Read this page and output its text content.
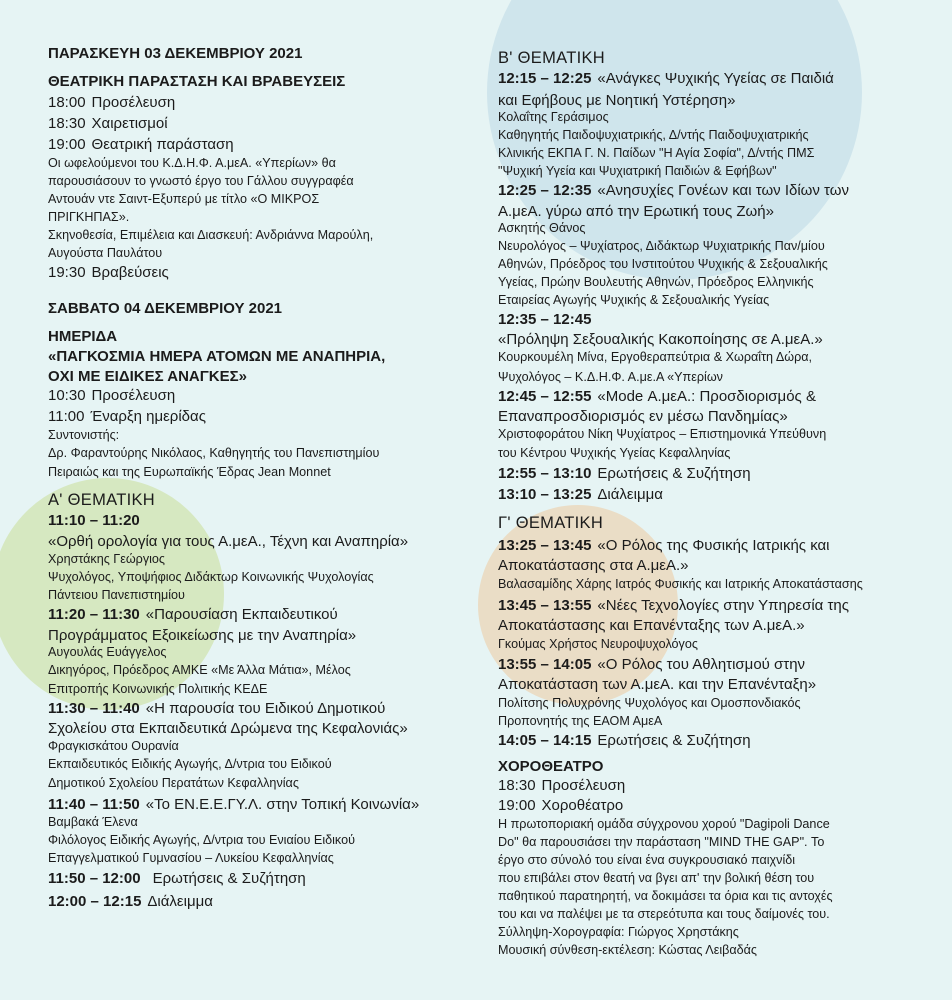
ΠΑΡΑΣΚΕΥΗ 03 ΔΕΚΕΜΒΡΙΟΥ 2021
ΘΕΑΤΡΙΚΗ ΠΑΡΑΣΤΑΣΗ ΚΑΙ ΒΡΑΒΕΥΣΕΙΣ
18:00 Προσέλευση
18:30 Χαιρετισμοί
19:00 Θεατρική παράσταση
Οι ωφελούμενοι του Κ.Δ.Η.Φ. Α.μεΑ. «Υπερίων» θα
παρουσιάσουν το γνωστό έργο του Γάλλου συγγραφέα
Αντουάν ντε Σαιντ-Εξυπερύ με τίτλο «Ο ΜΙΚΡΟΣ
ΠΡΙΓΚΗΠΑΣ».
Σκηνοθεσία, Επιμέλεια και Διασκευή: Ανδριάννα Μαρούλη,
Αυγούστα Παυλάτου
19:30 Βραβεύσεις
ΣΑΒΒΑΤΟ 04 ΔΕΚΕΜΒΡΙΟΥ 2021
ΗΜΕΡΙΔΑ
«ΠΑΓΚΟΣΜΙΑ ΗΜΕΡΑ ΑΤΟΜΩΝ ΜΕ ΑΝΑΠΗΡΙΑ,
ΟΧΙ ΜΕ ΕΙΔΙΚΕΣ ΑΝΑΓΚΕΣ»
10:30 Προσέλευση
11:00 Έναρξη ημερίδας
Συντονιστής:
Δρ. Φαραντούρης Νικόλαος, Καθηγητής του Πανεπιστημίου
Πειραιώς και της Ευρωπαϊκής Έδρας Jean Monnet
Α' ΘΕΜΑΤΙΚΗ
11:10 – 11:20
«Ορθή ορολογία για τους Α.μεΑ., Τέχνη και Αναπηρία»
Χρηστάκης Γεώργιος
Ψυχολόγος, Υποψήφιος Διδάκτωρ Κοινωνικής Ψυχολογίας
Πάντειου Πανεπιστημίου
11:20 – 11:30 «Παρουσίαση Εκπαιδευτικού
Προγράμματος Εξοικείωσης με την Αναπηρία»
Αυγουλάς Ευάγγελος
Δικηγόρος, Πρόεδρος ΑΜΚΕ «Με Άλλα Μάτια», Μέλος
Επιτροπής Κοινωνικής Πολιτικής ΚΕΔΕ
11:30 – 11:40 «Η παρουσία του Ειδικού Δημοτικού
Σχολείου στα Εκπαιδευτικά Δρώμενα της Κεφαλονιάς»
Φραγκισκάτου Ουρανία
Εκπαιδευτικός Ειδικής Αγωγής, Δ/ντρια του Ειδικού
Δημοτικού Σχολείου Περατάτων Κεφαλληνίας
11:40 – 11:50 «Το ΕΝ.Ε.Ε.ΓΥ.Λ. στην Τοπική Κοινωνία»
Βαμβακά Έλενα
Φιλόλογος Ειδικής Αγωγής, Δ/ντρια του Ενιαίου Ειδικού
Επαγγελματικού Γυμνασίου – Λυκείου Κεφαλληνίας
11:50 – 12:00 Ερωτήσεις & Συζήτηση
12:00 – 12:15 Διάλειμμα
Β' ΘΕΜΑΤΙΚΗ
12:15 – 12:25 «Ανάγκες Ψυχικής Υγείας σε Παιδιά
και Εφήβους με Νοητική Υστέρηση»
Κολαΐτης Γεράσιμος
Καθηγητής Παιδοψυχιατρικής, Δ/ντής Παιδοψυχιατρικής
Κλινικής ΕΚΠΑ Γ. Ν. Παίδων "Η Αγία Σοφία", Δ/ντής ΠΜΣ
"Ψυχική Υγεία και Ψυχιατρική Παιδιών & Εφήβων"
12:25 – 12:35 «Ανησυχίες Γονέων και των Ιδίων των
Α.μεΑ. γύρω από την Ερωτική τους Ζωή»
Ασκητής Θάνος
Νευρολόγος – Ψυχίατρος, Διδάκτωρ Ψυχιατρικής Παν/μίου
Αθηνών, Πρόεδρος του Ινστιτούτου Ψυχικής & Σεξουαλικής
Υγείας, Πρώην Βουλευτής Αθηνών, Πρόεδρος Ελληνικής
Εταιρείας Αγωγής Ψυχικής & Σεξουαλικής Υγείας
12:35 – 12:45
«Πρόληψη Σεξουαλικής Κακοποίησης σε Α.μεΑ.»
Κουρκουμέλη Μίνα, Εργοθεραπεύτρια & Χωραΐτη Δώρα,
Ψυχολόγος – Κ.Δ.Η.Φ. Α.με.Α «Υπερίων
12:45 – 12:55 «Mode Α.μεΑ.: Προσδιορισμός &
Επαναπροσδιορισμός εν μέσω Πανδημίας»
Χριστοφοράτου Νίκη Ψυχίατρος – Επιστημονικά Υπεύθυνη
του Κέντρου Ψυχικής Υγείας Κεφαλληνίας
12:55 – 13:10 Ερωτήσεις & Συζήτηση
13:10 – 13:25 Διάλειμμα
Γ' ΘΕΜΑΤΙΚΗ
13:25 – 13:45 «Ο Ρόλος της Φυσικής Ιατρικής και
Αποκατάστασης στα Α.μεΑ.»
Βαλασαμίδης Χάρης Ιατρός Φυσικής και Ιατρικής Αποκατάστασης
13:45 – 13:55 «Νέες Τεχνολογίες στην Υπηρεσία της
Αποκατάστασης και Επανένταξης των Α.μεΑ.»
Γκούμας Χρήστος Νευροψυχολόγος
13:55 – 14:05 «Ο Ρόλος του Αθλητισμού στην
Αποκατάσταση των Α.μεΑ. και την Επανένταξη»
Πολίτσης Πολυχρόνης Ψυχολόγος και Ομοσπονδιακός
Προπονητής της ΕΑΟΜ ΑμεΑ
14:05 – 14:15 Ερωτήσεις & Συζήτηση
ΧΟΡΟΘΕΑΤΡΟ
18:30 Προσέλευση
19:00 Χοροθέατρο
Η πρωτοποριακή ομάδα σύγχρονου χορού "Dagipoli Dance
Do" θα παρουσιάσει την παράσταση "MIND THE GAP". Το
έργο στο σύνολό του είναι ένα συγκρουσιακό παιχνίδι
που επιβάλει στον θεατή να βγει απ' την βολική θέση του
παθητικού παρατηρητή, να δοκιμάσει τα όρια και τις αντοχές
του και να παλέψει με τα στερεότυπα και τους δαίμονές του.
Σύλληψη-Χορογραφία: Γιώργος Χρηστάκης
Μουσική σύνθεση-εκτέλεση: Κώστας Λειβαδάς
